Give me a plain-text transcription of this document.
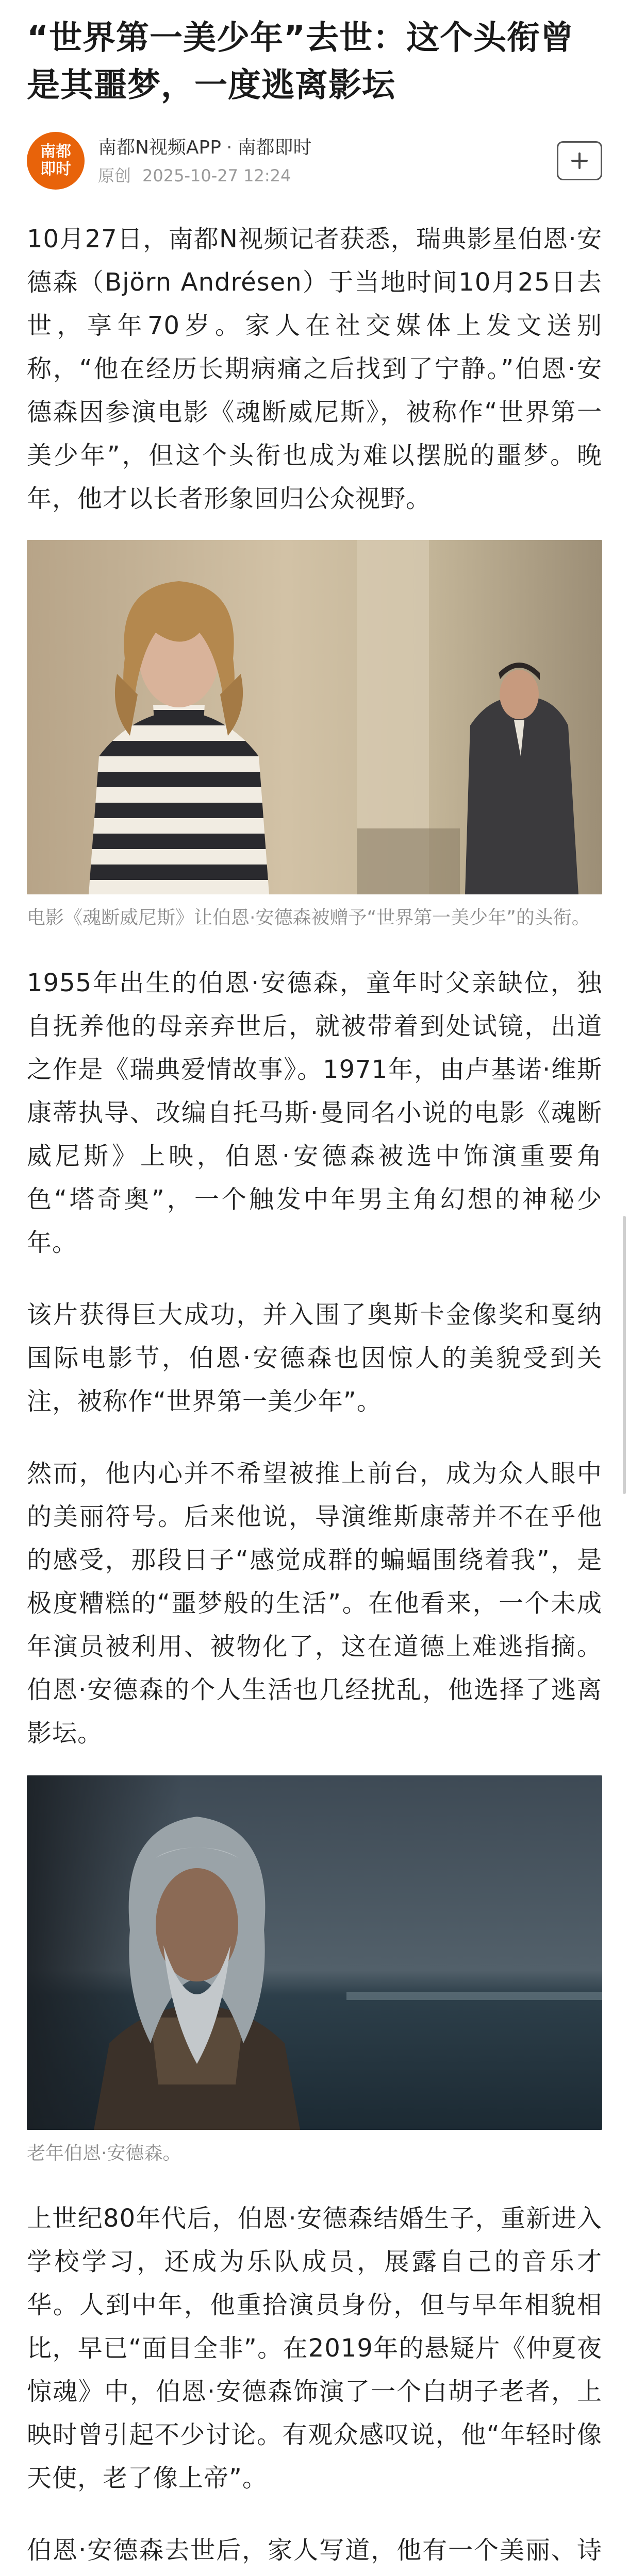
“世界第一美少年”去世：这个头衔曾是其噩梦，一度逃离影坛
南都
即时
南都N视频APP · 南都即时
原创 2025-10-27 12:24

10月27日，南都N视频记者获悉，瑞典影星伯恩·安德森（Björn Andrésen）于当地时间10月25日去世，享年70岁。家人在社交媒体上发文送别称，“他在经历长期病痛之后找到了宁静。”伯恩·安德森因参演电影《魂断威尼斯》，被称作“世界第一美少年”，但这个头衔也成为难以摆脱的噩梦。晚年，他才以长者形象回归公众视野。

电影《魂断威尼斯》让伯恩·安德森被赠予“世界第一美少年”的头衔。

1955年出生的伯恩·安德森，童年时父亲缺位，独自抚养他的母亲弃世后，就被带着到处试镜，出道之作是《瑞典爱情故事》。1971年，由卢基诺·维斯康蒂执导、改编自托马斯·曼同名小说的电影《魂断威尼斯》上映，伯恩·安德森被选中饰演重要角色“塔奇奥”，一个触发中年男主角幻想的神秘少年。

该片获得巨大成功，并入围了奥斯卡金像奖和戛纳国际电影节，伯恩·安德森也因惊人的美貌受到关注，被称作“世界第一美少年”。

然而，他内心并不希望被推上前台，成为众人眼中的美丽符号。后来他说，导演维斯康蒂并不在乎他的感受，那段日子“感觉成群的蝙蝠围绕着我”，是极度糟糕的“噩梦般的生活”。在他看来，一个未成年演员被利用、被物化了，这在道德上难逃指摘。伯恩·安德森的个人生活也几经扰乱，他选择了逃离影坛。

老年伯恩·安德森。

上世纪80年代后，伯恩·安德森结婚生子，重新进入学校学习，还成为乐队成员，展露自己的音乐才华。人到中年，他重拾演员身份，但与早年相貌相比，早已“面目全非”。在2019年的悬疑片《仲夏夜惊魂》中，伯恩·安德森饰演了一个白胡子老者，上映时曾引起不少讨论。有观众感叹说，他“年轻时像天使，老了像上帝”。

伯恩·安德森去世后，家人写道，他有一个美丽、诗
